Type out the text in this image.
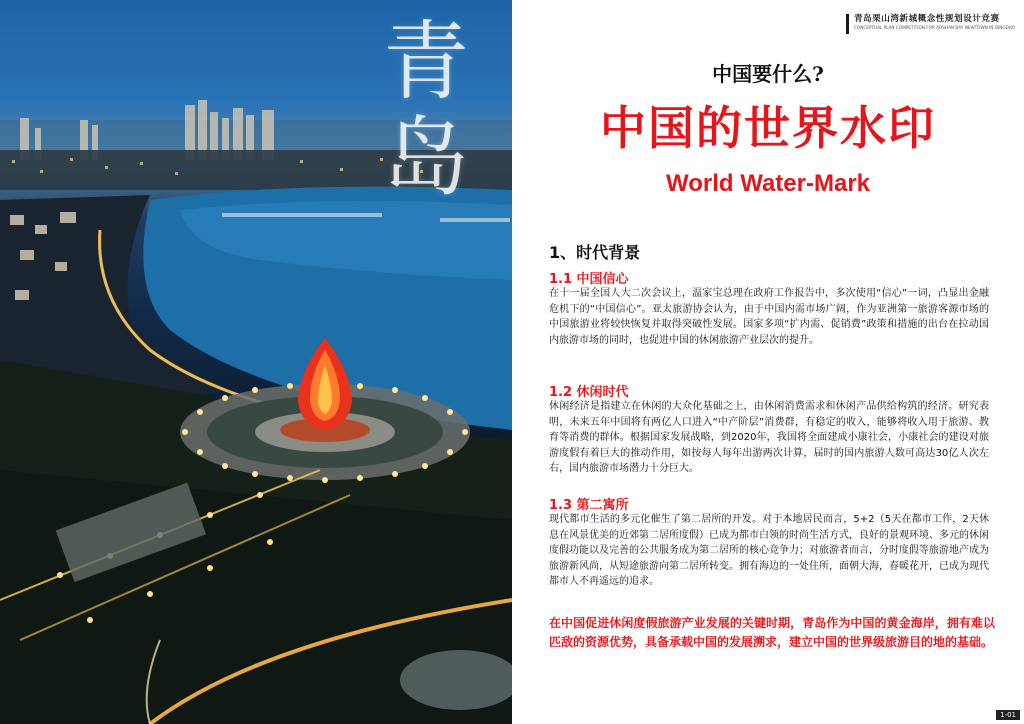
青岛
青岛栗山湾新城概念性规划设计竞赛
CONCEPTUAL PLAN COMPETITION FOR AOSHAN BAY NEWTOWN IN QINGDAO
中国要什么?
中国的世界水印
World Water-Mark
1、时代背景
1.1 中国信心
在十一届全国人大二次会议上，温家宝总理在政府工作报告中，多次使用“信心”一词，凸显出金融危机下的“中国信心”。亚太旅游协会认为，由于中国内需市场广阔，作为亚洲第一旅游客源市场的中国旅游业将较快恢复并取得突破性发展。国家多项“扩内需、促销费”政策和措施的出台在拉动国内旅游市场的同时，也促进中国的休闲旅游产业层次的提升。
1.2 休闲时代
休闲经济是指建立在休闲的大众化基础之上，由休闲消费需求和休闲产品供给构筑的经济。研究表明，未来五年中国将有两亿人口进入“中产阶层”消费群，有稳定的收入，能够将收入用于旅游、教育等消费的群体。根据国家发展战略，到2020年，我国将全面建成小康社会，小康社会的建设对旅游度假有着巨大的推动作用，如按每人每年出游两次计算，届时的国内旅游人数可高达30亿人次左右，国内旅游市场潜力十分巨大。
1.3 第二寓所
现代都市生活的多元化催生了第二居所的开发。对于本地居民而言，5+2（5天在都市工作，2天休息在风景优美的近郊第二居所度假）已成为都市白领的时尚生活方式，良好的景观环境、多元的休闲度假功能以及完善的公共服务成为第二居所的核心竞争力；对旅游者而言，分时度假等旅游地产成为旅游新风尚，从短途旅游向第二居所转变。拥有海边的一处住所，面朝大海，春暖花开，已成为现代都市人不再遥远的追求。
在中国促进休闲度假旅游产业发展的关键时期，青岛作为中国的黄金海岸，拥有难以匹敌的资源优势，具备承载中国的发展溯求，建立中国的世界级旅游目的地的基础。
1-01
